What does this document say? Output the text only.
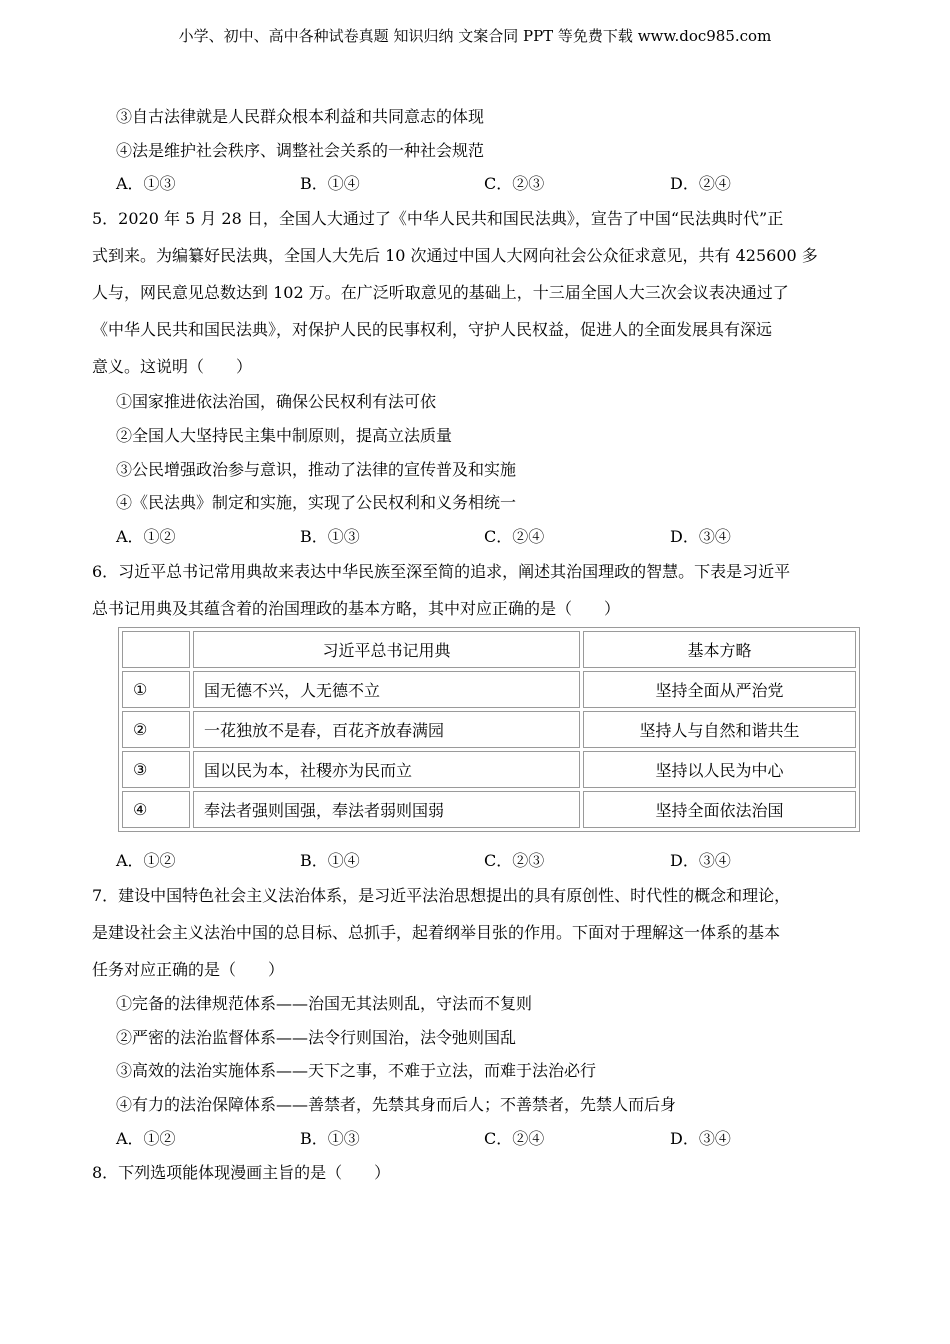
小学、初中、高中各种试卷真题 知识归纳 文案合同 PPT 等免费下载 www.doc985.com
③自古法律就是人民群众根本利益和共同意志的体现
④法是维护社会秩序、调整社会关系的一种社会规范
A．①③	B．①④	C．②③	D．②④
5．2020 年 5 月 28 日，全国人大通过了《中华人民共和国民法典》，宣告了中国“民法典时代”正
式到来。为编纂好民法典，全国人大先后 10 次通过中国人大网向社会公众征求意见，共有 425600 多
人与，网民意见总数达到 102 万。在广泛听取意见的基础上，十三届全国人大三次会议表决通过了
《中华人民共和国民法典》，对保护人民的民事权利，守护人民权益，促进人的全面发展具有深远
意义。这说明（　　）
①国家推进依法治国，确保公民权利有法可依
②全国人大坚持民主集中制原则，提高立法质量
③公民增强政治参与意识，推动了法律的宣传普及和实施
④《民法典》制定和实施，实现了公民权利和义务相统一
A．①②	B．①③	C．②④	D．③④
6．习近平总书记常用典故来表达中华民族至深至简的追求，阐述其治国理政的智慧。下表是习近平
总书记用典及其蕴含着的治国理政的基本方略，其中对应正确的是（　　）
	习近平总书记用典	基本方略
①	国无德不兴，人无德不立	坚持全面从严治党
②	一花独放不是春，百花齐放春满园	坚持人与自然和谐共生
③	国以民为本，社稷亦为民而立	坚持以人民为中心
④	奉法者强则国强，奉法者弱则国弱	坚持全面依法治国
A．①②	B．①④	C．②③	D．③④
7．建设中国特色社会主义法治体系，是习近平法治思想提出的具有原创性、时代性的概念和理论，
是建设社会主义法治中国的总目标、总抓手，起着纲举目张的作用。下面对于理解这一体系的基本
任务对应正确的是（　　）
①完备的法律规范体系——治国无其法则乱，守法而不复则
②严密的法治监督体系——法令行则国治，法令弛则国乱
③高效的法治实施体系——天下之事，不难于立法，而难于法治必行
④有力的法治保障体系——善禁者，先禁其身而后人；不善禁者，先禁人而后身
A．①②	B．①③	C．②④	D．③④
8．下列选项能体现漫画主旨的是（　　）
